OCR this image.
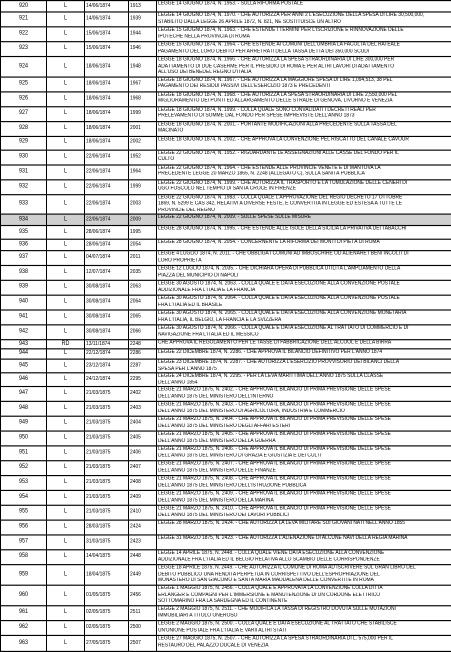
920	L	14/06/1874	1913	LEGGE 14 GIUGNO 1874, N. 1953. - SULLA RIFORMA POSTALE

921	L	14/06/1874	1939	LEGGE 14 GIUGNO 1874, N. 1970. - CHE AUTORIZZA PER ANNI 2 L'ESECUZIONE DELLA SPESA DI LIRE 30,500,000,
STABILITO DALLA LEGGE 26 APRILE 1872, N. 821, NE SOSTITUISCE UN ALTRO

922	L	15/06/1874	1944	LEGGE 15 GIUGNO 1874, N. 1963. - CHE ESTENDE I TERMINI PER L'ISCRIZIONE E RINNOVAZIONE DELLE
IPOTECHE NELLA PROVINCIA DI ROMA

923	L	15/06/1874	1946	LEGGE 15 GIUGNO 1874, N. 1964. - CHE ESTENDE AI COMUNI DELL'UMBRIA LA FACOLTÀ DEL RATEALE
PAGAMENTO DEL LORO DEBITO PER ARRETRATI DELLA TASSA DETTA DEI 350,000 SCUDI

924	L	18/06/1874	1948	LEGGE 18 GIUGNO 1874, N. 1966. - CHE AUTORIZZA LA SPESA STRAORDINARIA DI LIRE 300,000 PER
ADATTAMENTO DI DUE CASERME PER IL PRESIDIO DI ROMA E PER ALTRI LAVORI DI ADATTAMENTO
ALL'USO DEI BENEDEL REGNO D'ITALIA

925	L	18/06/1874	1967	LEGGE 18 GIUGNO 1874, N. 1967. - CHE AUTORIZZA LA MAGGIORE SPESA DI LIRE 1,094,513, 38 PEL
PAGAMENTO DEI RESIDUI PASSIVI DELL'ESERCIZIO 1873 E PRECEDENTI

926	L	18/06/1874	1968	LEGGE 18 GIUGNO 1874, N. 1968. - CHE AUTORIZZA LA SPESA STRAORDINARIA DI LIRE 2,550,000 PEL
MIGLIORAMENTO DEI PONTI ED ALLARGAMENTO DELLE STRADE DI GENOVA, LIVORNO E VENEZIA

927	L	18/06/1874	1999	LEGGE 18 GIUGNO 1874, N. 1999. - COLLA QUALE SONO CONVALIDATI I DECRETI REALI PER
PRELEVAMENTO DI SOMME DAL FONDO PER SPESE IMPREVISTE DELL'ANNO 1873

928	L	18/06/1874	2001	LEGGE 18 GIUGNO 1874, N. 2001. - PORTANTE MODIFICAZIONI ALLA PRECEDENTE SULLA TASSA DEL
MACINATO

929	L	18/06/1874	2002	LEGGE 18 GIUGNO 1874, N. 2002. - CHE APPROVA LA CONVENZIONE PEL RISCATTO DEL CANALE CAVOUR

930	L	22/06/1874	1952	LEGGE 22 GIUGNO 1874, N. 1952. - RIGUARDANTE LE ASSEGNAZIONI ALLE CASSE DEL FONDO PER IL
CULTO

931	L	22/06/1874	1964	LEGGE 22 GIUGNO 1874, N. 1964. - CHE ESTENDE ALLE PROVINCIE VENETE E DI MANTOVA LA
PRECEDENTE LEGGE 20 MARZO 1865, N. 2248 (ALLEGATO C), SULLA SANITÀ PUBBLICA

932	L	22/06/1874	1999	LEGGE 22 GIUGNO 1874, N. 1999. - CHE AUTORIZZA IL TRASPORTO E LA TUMULAZIONE DELLE CENERI DI
UGO FOSCOLO NEL TEMPIO DI SANTA CROCE IN FIRENZE

933	L	22/06/1874	2003	LEGGE 22 GIUGNO 1874, N. 1983. - COLLA QUALE L'APPROVAZIONE DEL REGIO DECRETO 17 OTTOBRE
1869, N. 5299 E CAS 342, RELATIVI A DIVERSE FESTE, È CONVERTITA IN LEGGE ED ESTESA A TUTTE LE
PROVINCIE DEL REGNO

934	L	22/06/1874	2009	LEGGE 22 GIUGNO 1874, N. 2009. - SULLE SPESE SULLE MISURE

935	L	28/06/1874	1995	LEGGE 28 GIUGNO 1874, N. 1995. - CHE ESTENDE ALLE ISOLE DELLA SICILIA LA PRIVATIVA DEI TABACCHI

936	L	28/06/1874	2054	LEGGE 28 GIUGNO 1874, N. 2054. - CONCERNENTE LA RIFORMA DEI MONTI DI PIETÀ DI ROMA

937	L	04/07/1874	2011	LEGGE 4 LUGLIO 1874, N. 2011. - CHE OBBLIGA I COMUNI AD IMBOSCHIRE OD ALIENARE I BENI INCOLTI DI
LORO PROPRIETÀ

938	L	12/07/1874	2035	LEGGE 12 LUGLIO 1874, N. 2035. - CHE DICHIARA OPERA DI PUBBLICA UTILITÀ L'AMPLIAMENTO DELLA
PIAZZA DEL MUNICIPIO DI NAPOLI

939	L	30/08/1874	2063	LEGGE 30 AGOSTO 1874, N. 2063. - COLLA QUALE È DATA ESECUZIONE ALLA CONVENZIONE POSTALE
ADDIZIONALE FRA L'ITALIA E LA FRANCIA

940	L	30/08/1874	2064	LEGGE 30 AGOSTO 1874, N. 2064. - COLLA QUALE È DATA ESECUZIONE ALLA CONVENZIONE POSTALE
FRA L'ITALIA ED IL BRASILE

941	L	30/08/1874	2065	LEGGE 30 AGOSTO 1874, N. 2065. - COLLA QUALE È DATA ESECUZIONE ALLA CONVENZIONE MONETARIA
FRA L'ITALIA, IL BELGIO, LA FRANCIA E LA SVIZZERA

942	L	30/08/1874	2066	LEGGE 30 AGOSTO 1874, N. 2066. - COLLA QUALE È DATA ESECUZIONE AL TRATTATO DI COMMERCIO E DI
NAVIGAZIONE FRA L'ITALIA ED IL MESSICO

943	RD	13/11/1874	2248	CHE APPROVA IL REGOLAMENTO PER LE TASSE DI FABBRICAZIONE DELL'ALCOOL E DELLA BIRRA

944	L	22/12/1874	2286	LEGGE 22 DICEMBRE 1874, N. 2286. - CHE APPROVA IL BILANCIO DEFINITIVO PER L'ANNO 1874

945	L	23/12/1874	2287	LEGGE 23 DICEMBRE 1874, N. 2287. - CHE AUTORIZZA L'ESERCIZIO PROVVISORIO DEI BILANCI DELLA
SPESA PER L'ANNO 1875

946	L	24/12/1874	2295	LEGGE 24 DICEMBRE 1874, N. 2295. - PER LA LEVA MARITTIMA DELL'ANNO 1875 SULLA CLASSE
DELL'ANNO 1854

947	L	21/03/1875	2402	LEGGE 21 MARZO 1875, N. 2402. - CHE APPROVA IL BILANCIO DI PRIMA PREVISIONE DELLE SPESE
DELL'ANNO 1875 DEL MINISTERO DELL'INTERNO

948	L	21/03/1875	2403	LEGGE 21 MARZO 1875, N. 2403. - CHE APPROVA IL BILANCIO DI PRIMA PREVISIONE DELLE SPESE
DELL'ANNO 1875 DEL MINISTERO DI AGRICOLTURA, INDUSTRIA E COMMERCIO

949	L	21/03/1875	2404	LEGGE 21 MARZO 1875, N. 2404. - CHE APPROVA IL BILANCIO DI PRIMA PREVISIONE DELLE SPESE
DELL'ANNO 1875 DEL MINISTERO DEGLI AFFARI ESTERI

950	L	21/03/1875	2405	LEGGE 21 MARZO 1875, N. 2405. - CHE APPROVA IL BILANCIO DI PRIMA PREVISIONE DELLE SPESE
DELL'ANNO 1875 DEL MINISTERO DELLA GUERRA

951	L	21/03/1875	2406	LEGGE 21 MARZO 1875, N. 2406. - CHE APPROVA IL BILANCIO DI PRIMA PREVISIONE DELLE SPESE
DELL'ANNO 1875 DEL MINISTERO DI GRAZIA E GIUSTIZIA E DEI CULTI

952	L	21/03/1875	2407	LEGGE 21 MARZO 1875, N. 2407. - CHE APPROVA IL BILANCIO DI PRIMA PREVISIONE DELLE SPESE
DELL'ANNO 1875 DEL MINISTERO DELLE FINANZE

953	L	21/03/1875	2408	LEGGE 21 MARZO 1875, N. 2408. - CHE APPROVA IL BILANCIO DI PRIMA PREVISIONE DELLE SPESE
DELL'ANNO 1875 DEL MINISTERO DELL'ISTRUZIONE PUBBLICA

954	L	21/03/1875	2409	LEGGE 21 MARZO 1875, N. 2409. - CHE APPROVA IL BILANCIO DI PRIMA PREVISIONE DELLE SPESE
DELL'ANNO 1875 DEL MINISTERO DELLA MARINA

955	L	21/03/1875	2410	LEGGE 21 MARZO 1875, N. 2410. - CHE APPROVA IL BILANCIO DI PRIMA PREVISIONE DELLE SPESE
DELL'ANNO 1875 DEL MINISTERO DEI LAVORI PUBBLICI

956	L	28/03/1875	2424	LEGGE 28 MARZO 1875, N. 2424. - CHE AUTORIZZA LA LEVA MILITARE SUI GIOVANI NATI NELL'ANNO 1855

957	L	31/03/1875	2423	LEGGE 31 MARZO 1875, N. 2423. - CHE AUTORIZZA L'ALIENAZIONE DI ALCUNE NAVI DELLA REGIA MARINA

958	L	14/04/1875	2448	LEGGE 14 APRILE 1875, N. 2448. - COLLA QUALE VIENE DATA ESECUZIONE ALLA CONVENZIONE
ADDIZIONALE FRA L'ITALIA ED IL BELGIO RELATIVA ALLO SCAMBIO DELLE CORRISPONDENZE

959	L	18/04/1875	2449	LEGGE 18 APRILE 1875, N. 2449. - CHE AUTORIZZA IL COMUNE DI ROMA AD ISCRIVERE SUL GRAN LIBRO DEL
DEBITO PUBBLICO UNA RENDITA PERPETUA IN CORRISPETTIVO DELL'ESPROPRIAZIONE DEL
MONASTERO DI SAN GIACOMO E SANTA MARIA MADDALENA DELLE CONVERTITE IN ROMA

960	L	01/05/1875	2456	LEGGE 1 MAGGIO 1875, N. 2456. - COLLA QUALE È APPROVATA LA CONVENZIONE COLLA DITTA
ERLANGER E COMPAGNI PER L'IMMERSIONE E MANUTENZIONE DI UN CORDONE ELETTRICO
SOTTOMARINO FRA LA SARDEGNA ED IL CONTINENTE

961	L	02/05/1875	2511	LEGGE 2 MAGGIO 1875, N. 2511. - CHE MODIFICA LA TASSA DI REGISTRO DOVUTA SULLE MUTAZIONI
IMMOBILIARI A TITOLO ONEROSO

962	L	02/05/1875	2500	LEGGE 2 MAGGIO 1875, N. 2500. - COLLA QUALE È DATA ESECUZIONE AL TRATTATO CHE STABILISCE
UN'UNIONE POSTALE FRA L'ITALIA E VARII ALTRI STATI

963	L	27/05/1875	2507	LEGGE 27 MAGGIO 1875, N. 2507. - CHE AUTORIZZA LA SPESA STRAORDINARIA DI L. 575,000 PER IL
RESTAURO DEL PALAZZO DUCALE DI VENEZIA
